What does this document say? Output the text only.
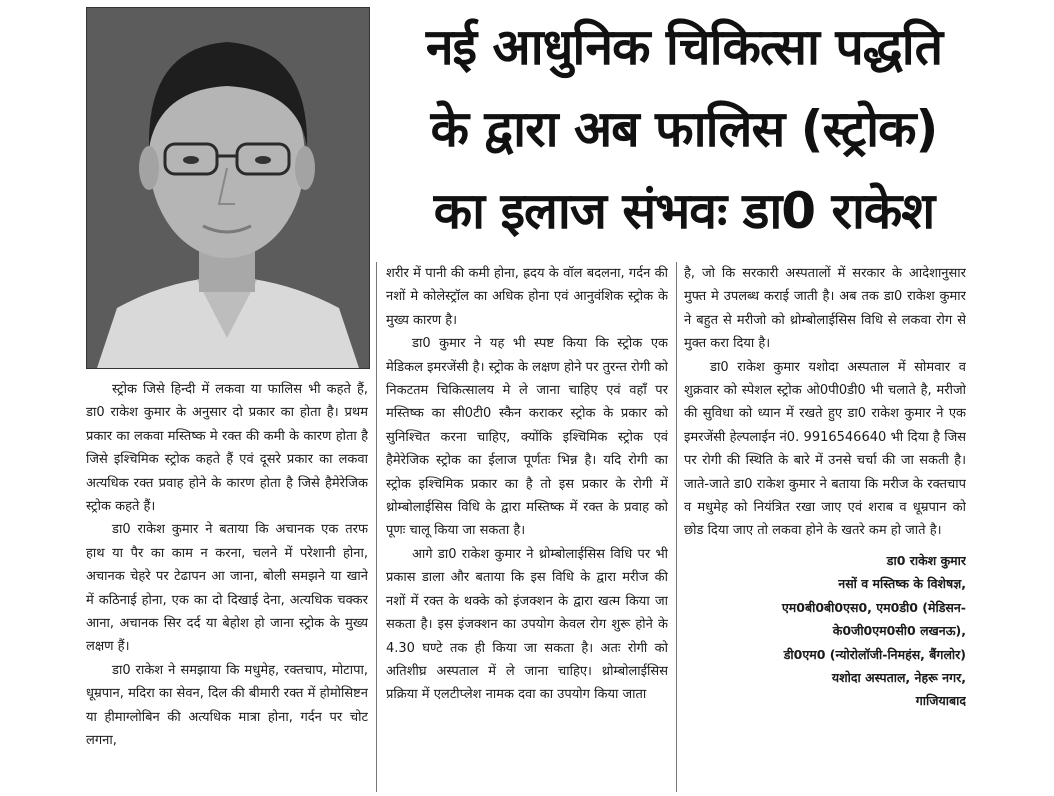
नई आधुनिक चिकित्सा पद्धति
के द्वारा अब फालिस (स्ट्रोक)
का इलाज संभवः डा0 राकेश

स्ट्रोक जिसे हिन्दी में लकवा या फालिस भी कहते हैं, डा0 राकेश कुमार के अनुसार दो प्रकार का होता है। प्रथम प्रकार का लकवा मस्तिष्क मे रक्त की कमी के कारण होता है जिसे इश्चिमिक स्ट्रोक कहते हैं एवं दूसरे प्रकार का लकवा अत्यधिक रक्त प्रवाह होने के कारण होता है जिसे हैमेरेजिक स्ट्रोक कहते हैं।

डा0 राकेश कुमार ने बताया कि अचानक एक तरफ हाथ या पैर का काम न करना, चलने में परेशानी होना, अचानक चेहरे पर टेढापन आ जाना, बोली समझने या खाने में कठिनाई होना, एक का दो दिखाई देना, अत्यधिक चक्कर आना, अचानक सिर दर्द या बेहोश हो जाना स्ट्रोक के मुख्य लक्षण हैं।

डा0 राकेश ने समझाया कि मधुमेह, रक्तचाप, मोटापा, धूम्रपान, मदिरा का सेवन, दिल की बीमारी रक्त में होमोसिष्टन या हीमाग्लोबिन की अत्यधिक मात्रा होना, गर्दन पर चोट लगना,

शरीर में पानी की कमी होना, ह्रदय के वॉल बदलना, गर्दन की नशों मे कोलेस्ट्रॉल का अधिक होना एवं आनुवंशिक स्ट्रोक के मुख्य कारण है।

डा0 कुमार ने यह भी स्पष्ट किया कि स्ट्रोक एक मेडिकल इमरजेंसी है। स्ट्रोक के लक्षण होने पर तुरन्त रोगी को निकटतम चिकित्सालय मे ले जाना चाहिए एवं वहाँ पर मस्तिष्क का सी0टी0 स्कैन कराकर स्ट्रोक के प्रकार को सुनिश्चित करना चाहिए, क्योंकि इश्चिमिक स्ट्रोक एवं हैमेरेजिक स्ट्रोक का ईलाज पूर्णतः भिन्न है। यदि रोगी का स्ट्रोक इश्चिमिक प्रकार का है तो इस प्रकार के रोगी में थ्रोम्बोलाईसिस विधि के द्वारा मस्तिष्क में रक्त के प्रवाह को पूणः चालू किया जा सकता है।

आगे डा0 राकेश कुमार ने थ्रोम्बोलाईसिस विधि पर भी प्रकास डाला और बताया कि इस विधि के द्वारा मरीज की नशों में रक्त के थक्के को इंजक्शन के द्वारा खत्म किया जा सकता है। इस इंजक्शन का उपयोग केवल रोग शुरू होने के 4.30 घण्टे तक ही किया जा सकता है। अतः रोगी को अतिशीघ्र अस्पताल में ले जाना चाहिए। थ्रोम्बोलाईसिस प्रक्रिया में एलटीप्लेश नामक दवा का उपयोग किया जाता

है, जो कि सरकारी अस्पतालों में सरकार के आदेशानुसार मुफ्त मे उपलब्ध कराई जाती है। अब तक डा0 राकेश कुमार ने बहुत से मरीजो को थ्रोम्बोलाईसिस विधि से लकवा रोग से मुक्त करा दिया है।

डा0 राकेश कुमार यशोदा अस्पताल में सोमवार व शुक्रवार को स्पेशल स्ट्रोक ओ0पी0डी0 भी चलाते है, मरीजो की सुविधा को ध्यान में रखते हुए डा0 राकेश कुमार ने एक इमरजेंसी हेल्पलाईन नं0. 9916546640 भी दिया है जिस पर रोगी की स्थिति के बारे में उनसे चर्चा की जा सकती है। जाते-जाते डा0 राकेश कुमार ने बताया कि मरीज के रक्तचाप व मधुमेह को नियंत्रित रखा जाए एवं शराब व धूम्रपान को छोड दिया जाए तो लकवा होने के खतरे कम हो जाते है।

डा0 राकेश कुमार
नसों व मस्तिष्क के विशेषज्ञ,
एम0बी0बी0एस0, एम0डी0 (मेडिसन-
के0जी0एम0सी0 लखनऊ),
डी0एम0 (न्योरोलॉजी-निमहंस, बैंगलोर)
यशोदा अस्पताल, नेहरू नगर,
गाजियाबाद
